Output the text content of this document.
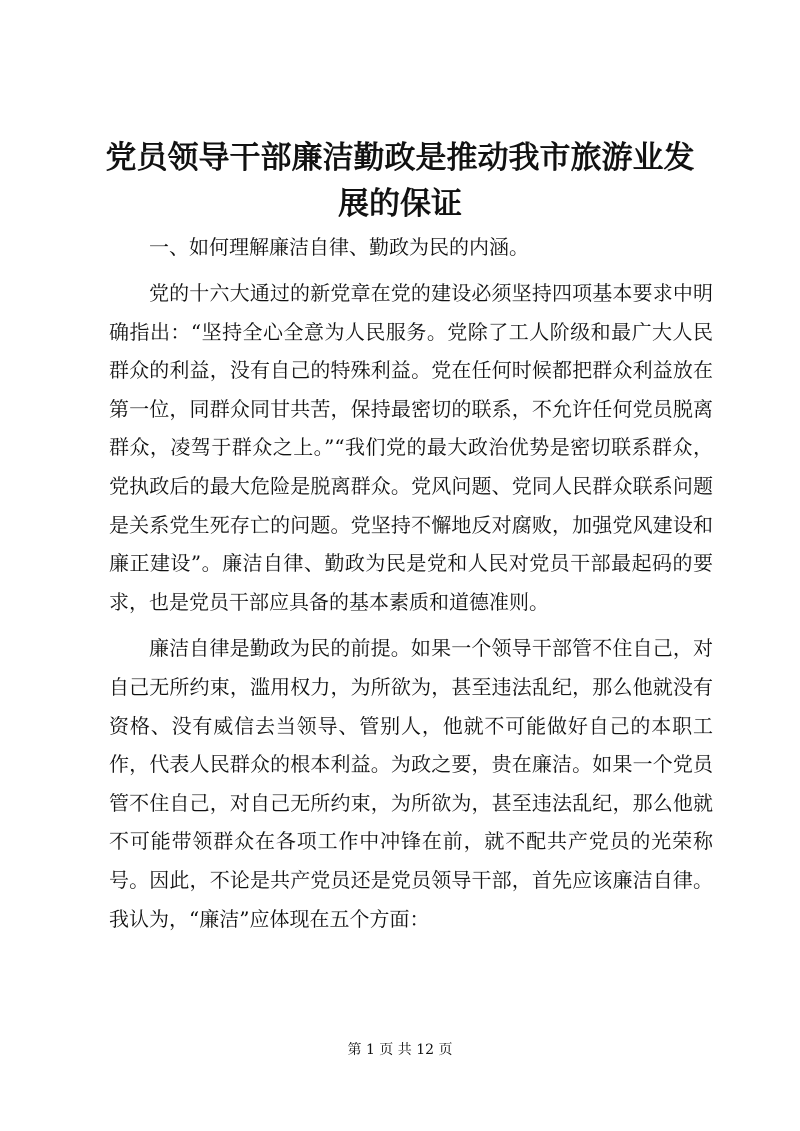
党员领导干部廉洁勤政是推动我市旅游业发展的保证

一、如何理解廉洁自律、勤政为民的内涵。

党的十六大通过的新党章在党的建设必须坚持四项基本要求中明确指出：“坚持全心全意为人民服务。党除了工人阶级和最广大人民群众的利益，没有自己的特殊利益。党在任何时候都把群众利益放在第一位，同群众同甘共苦，保持最密切的联系，不允许任何党员脱离群众，凌驾于群众之上。”“我们党的最大政治优势是密切联系群众，党执政后的最大危险是脱离群众。党风问题、党同人民群众联系问题是关系党生死存亡的问题。党坚持不懈地反对腐败，加强党风建设和廉正建设”。廉洁自律、勤政为民是党和人民对党员干部最起码的要求，也是党员干部应具备的基本素质和道德准则。

廉洁自律是勤政为民的前提。如果一个领导干部管不住自己，对自己无所约束，滥用权力，为所欲为，甚至违法乱纪，那么他就没有资格、没有威信去当领导、管别人，他就不可能做好自己的本职工作，代表人民群众的根本利益。为政之要，贵在廉洁。如果一个党员管不住自己，对自己无所约束，为所欲为，甚至违法乱纪，那么他就不可能带领群众在各项工作中冲锋在前，就不配共产党员的光荣称号。因此，不论是共产党员还是党员领导干部，首先应该廉洁自律。我认为，“廉洁”应体现在五个方面：

第 1 页 共 12 页
